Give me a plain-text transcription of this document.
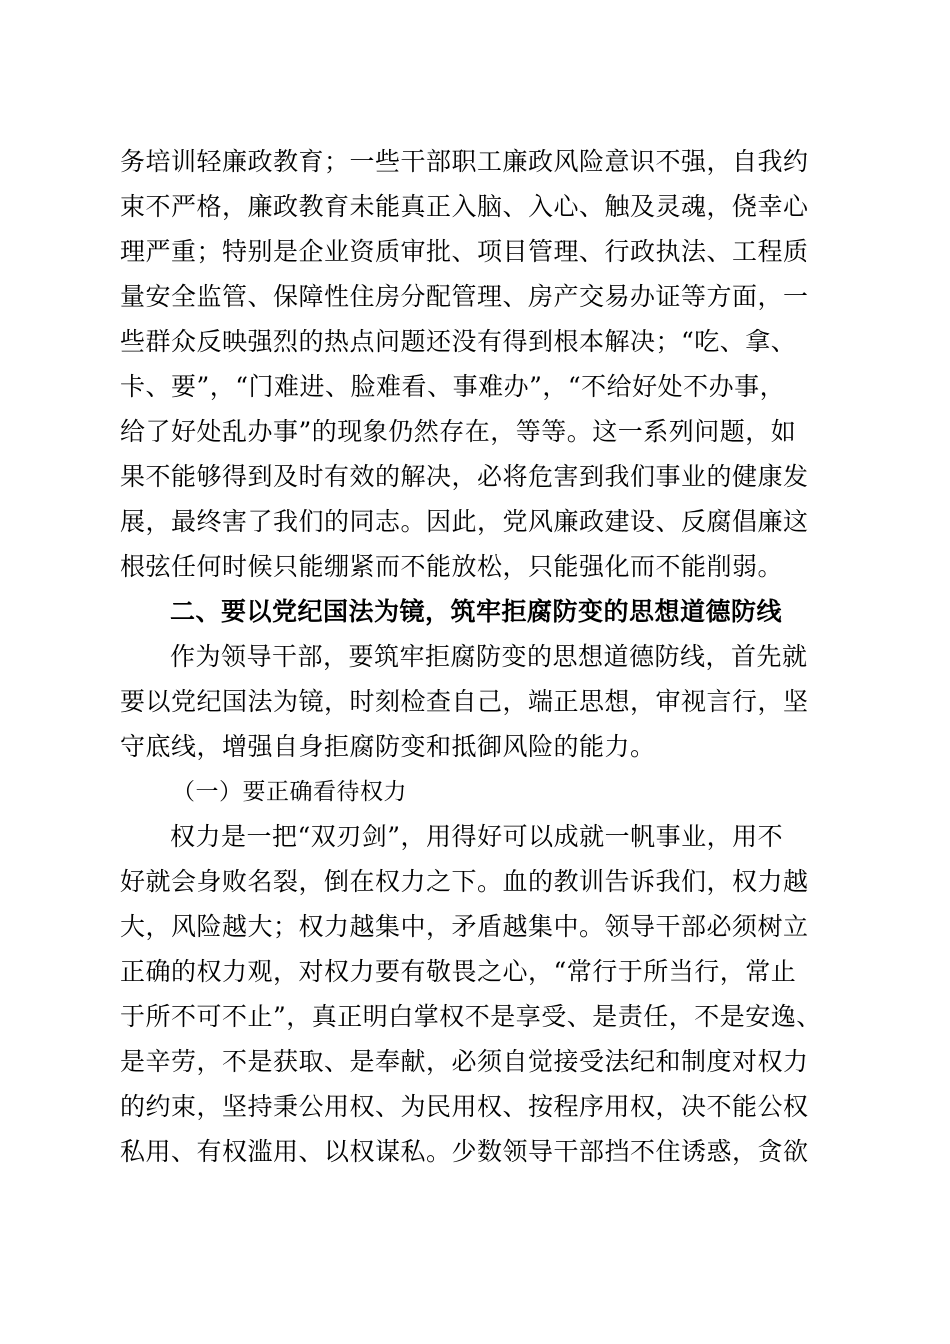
务培训轻廉政教育；一些干部职工廉政风险意识不强，自我约
束不严格，廉政教育未能真正入脑、入心、触及灵魂，侥幸心
理严重；特别是企业资质审批、项目管理、行政执法、工程质
量安全监管、保障性住房分配管理、房产交易办证等方面，一
些群众反映强烈的热点问题还没有得到根本解决；“吃、拿、
卡、要”，“门难进、脸难看、事难办”，“不给好处不办事，
给了好处乱办事”的现象仍然存在，等等。这一系列问题，如
果不能够得到及时有效的解决，必将危害到我们事业的健康发
展，最终害了我们的同志。因此，党风廉政建设、反腐倡廉这
根弦任何时候只能绷紧而不能放松，只能强化而不能削弱。
二、要以党纪国法为镜，筑牢拒腐防变的思想道德防线
作为领导干部，要筑牢拒腐防变的思想道德防线，首先就
要以党纪国法为镜，时刻检查自己，端正思想，审视言行，坚
守底线，增强自身拒腐防变和抵御风险的能力。
（一）要正确看待权力
权力是一把“双刃剑”，用得好可以成就一帆事业，用不
好就会身败名裂，倒在权力之下。血的教训告诉我们，权力越
大，风险越大；权力越集中，矛盾越集中。领导干部必须树立
正确的权力观，对权力要有敬畏之心，“常行于所当行，常止
于所不可不止”，真正明白掌权不是享受、是责任，不是安逸、
是辛劳，不是获取、是奉献，必须自觉接受法纪和制度对权力
的约束，坚持秉公用权、为民用权、按程序用权，决不能公权
私用、有权滥用、以权谋私。少数领导干部挡不住诱惑，贪欲
